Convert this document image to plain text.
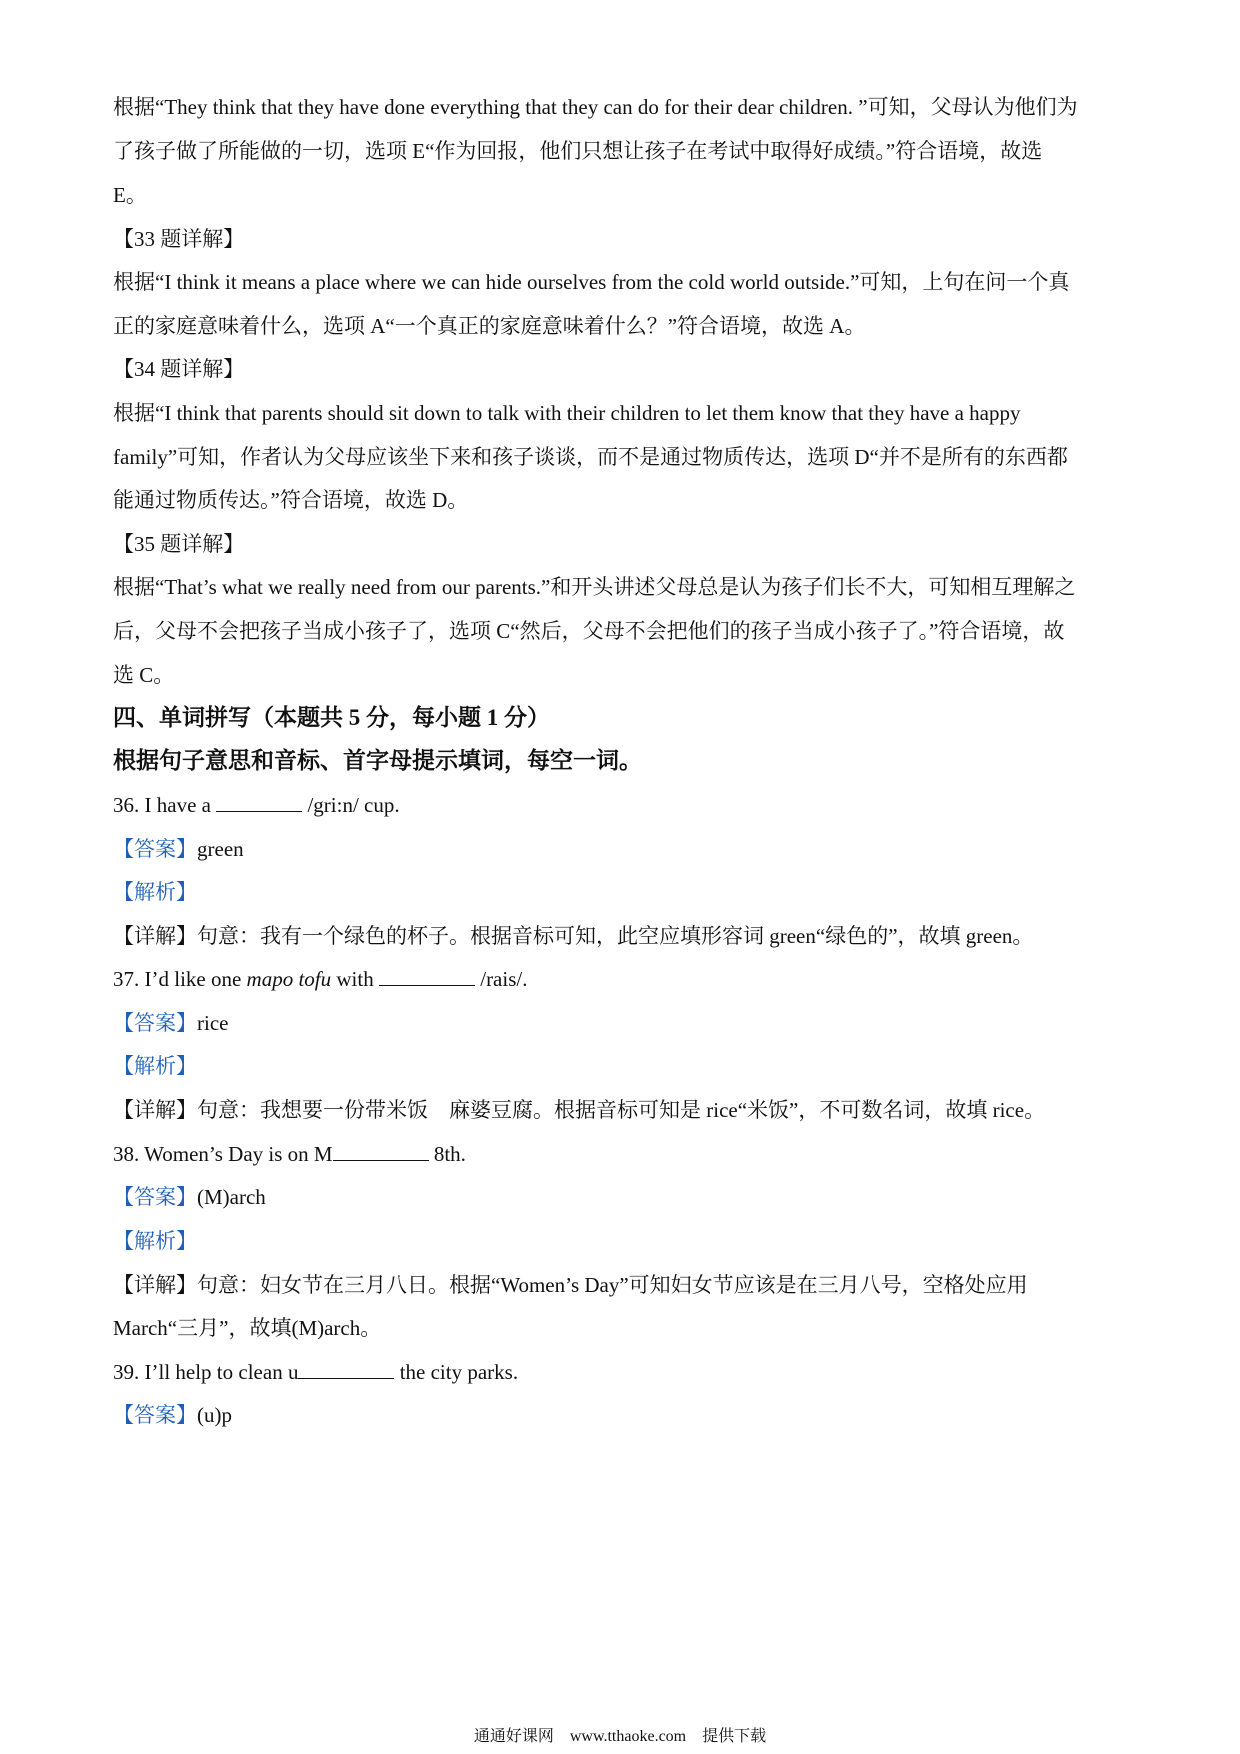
根据“They think that they have done everything that they can do for their dear children. ”可知，父母认为他们为
了孩子做了所能做的一切，选项 E“作为回报，他们只想让孩子在考试中取得好成绩。”符合语境，故选
E。
【33 题详解】
根据“I think it means a place where we can hide ourselves from the cold world outside.”可知，上句在问一个真
正的家庭意味着什么，选项 A“一个真正的家庭意味着什么？”符合语境，故选 A。
【34 题详解】
根据“I think that parents should sit down to talk with their children to let them know that they have a happy
family”可知，作者认为父母应该坐下来和孩子谈谈，而不是通过物质传达，选项 D“并不是所有的东西都
能通过物质传达。”符合语境，故选 D。
【35 题详解】
根据“That’s what we really need from our parents.”和开头讲述父母总是认为孩子们长不大，可知相互理解之
后，父母不会把孩子当成小孩子了，选项 C“然后，父母不会把他们的孩子当成小孩子了。”符合语境，故
选 C。
四、单词拼写（本题共 5 分，每小题 1 分）
根据句子意思和音标、首字母提示填词，每空一词。
36. I have a	/gri:n/ cup.
【答案】green
【解析】
【详解】句意：我有一个绿色的杯子。根据音标可知，此空应填形容词 green“绿色的”，故填 green。
37. I’d like one mapo tofu with	/rais/.
【答案】rice
【解析】
【详解】句意：我想要一份带米饭　麻婆豆腐。根据音标可知是 rice“米饭”，不可数名词，故填 rice。
38. Women’s Day is on M	8th.
【答案】(M)arch
【解析】
【详解】句意：妇女节在三月八日。根据“Women’s Day”可知妇女节应该是在三月八号，空格处应用
March“三月”，故填(M)arch。
39. I’ll help to clean u	the city parks.
【答案】(u)p
通通好课网　www.tthaoke.com　提供下载
